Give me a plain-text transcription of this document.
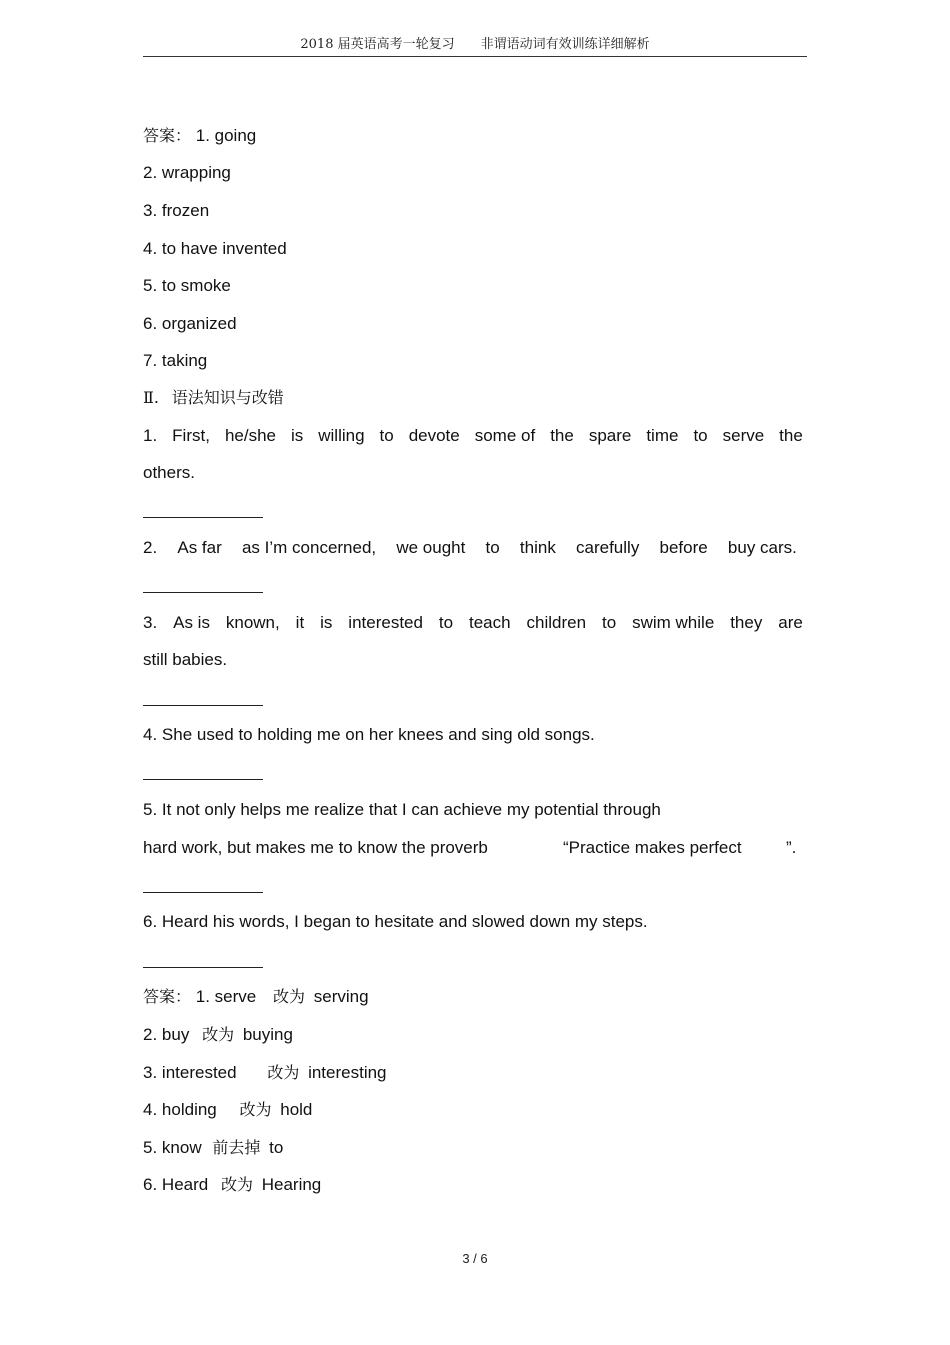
2018 届英语高考一轮复习 非谓语动词有效训练详细解析
答案： 1. going
2. wrapping
3. frozen
4. to have invented
5. to smoke
6. organized
7. taking
Ⅱ. 语法知识与改错
1. First, he/she is willing to devote some of the spare time to serve the
others.
2. As far as I’m concerned, we ought to think carefully before buy cars.
3. As is known, it is interested to teach children to swim while they are
still babies.
4. She used to holding me on her knees and sing old songs.
5. It not only helps me realize that I can achieve my potential through
hard work, but makes me to know the proverb	“Practice makes perfect	”.
6. Heard his words, I began to hesitate and slowed down my steps.
答案： 1. serve 改为 serving
2. buy 改为 buying
3. interested 改为 interesting
4. holding 改为 hold
5. know 前去掉 to
6. Heard 改为 Hearing
3 / 6
